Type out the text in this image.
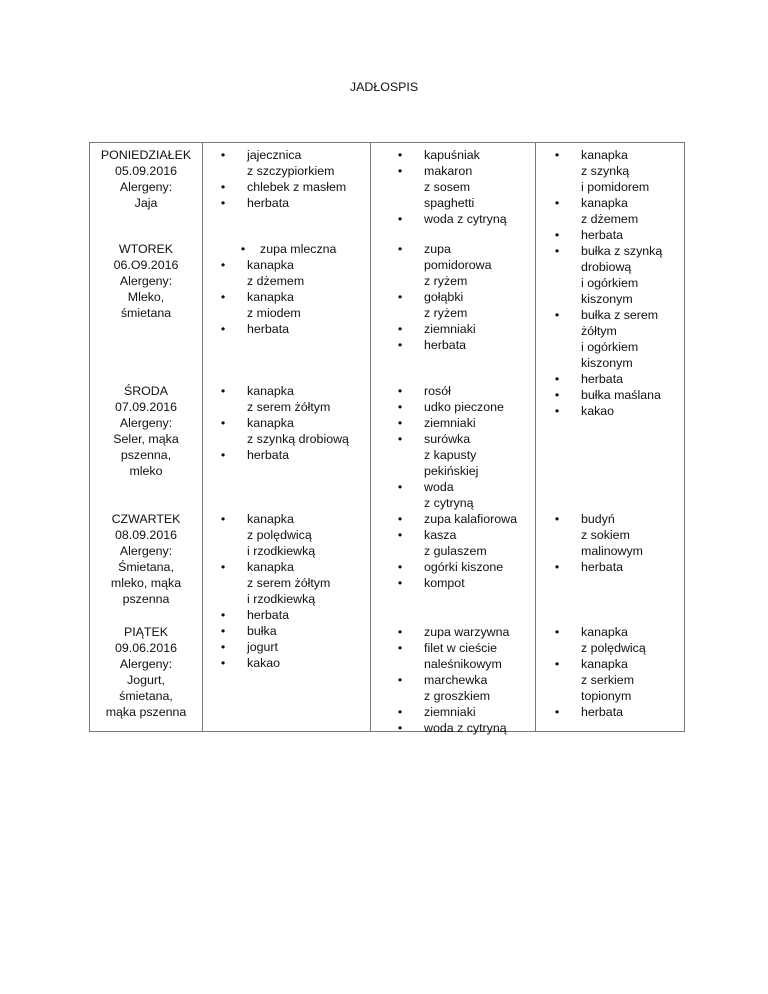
JADŁOSPIS
PONIEDZIAŁEK
05.09.2016
Alergeny:
Jaja
WTOREK
06.O9.2016
Alergeny:
Mleko,
śmietana
ŚRODA
07.09.2016
Alergeny:
Seler, mąka
pszenna,
mleko
CZWARTEK
08.09.2016
Alergeny:
Śmietana,
mleko, mąka
pszenna
PIĄTEK
09.06.2016
Alergeny:
Jogurt,
śmietana,
mąka pszenna
• jajecznica
z szczypiorkiem
• chlebek z masłem
• herbata
• zupa mleczna
• kanapka
z dżemem
• kanapka
z miodem
• herbata
• kanapka
z serem żółtym
• kanapka
z szynką drobiową
• herbata
• kanapka
z polędwicą
i rzodkiewką
• kanapka
z serem żółtym
i rzodkiewką
• herbata
• bułka
• jogurt
• kakao
• kapuśniak
• makaron
z sosem
spaghetti
• woda z cytryną
• zupa
pomidorowa
z ryżem
• gołąbki
z ryżem
• ziemniaki
• herbata
• rosół
• udko pieczone
• ziemniaki
• surówka
z kapusty
pekińskiej
• woda
z cytryną
• zupa kalafiorowa
• kasza
z gulaszem
• ogórki kiszone
• kompot
• zupa warzywna
• filet w cieście
naleśnikowym
• marchewka
z groszkiem
• ziemniaki
• woda z cytryną
• kanapka
z szynką
i pomidorem
• kanapka
z dżemem
• herbata
• bułka z szynką
drobiową
i ogórkiem
kiszonym
• bułka z serem
żółtym
i ogórkiem
kiszonym
• herbata
• bułka maślana
• kakao
• budyń
z sokiem
malinowym
• herbata
• kanapka
z polędwicą
• kanapka
z serkiem
topionym
• herbata
